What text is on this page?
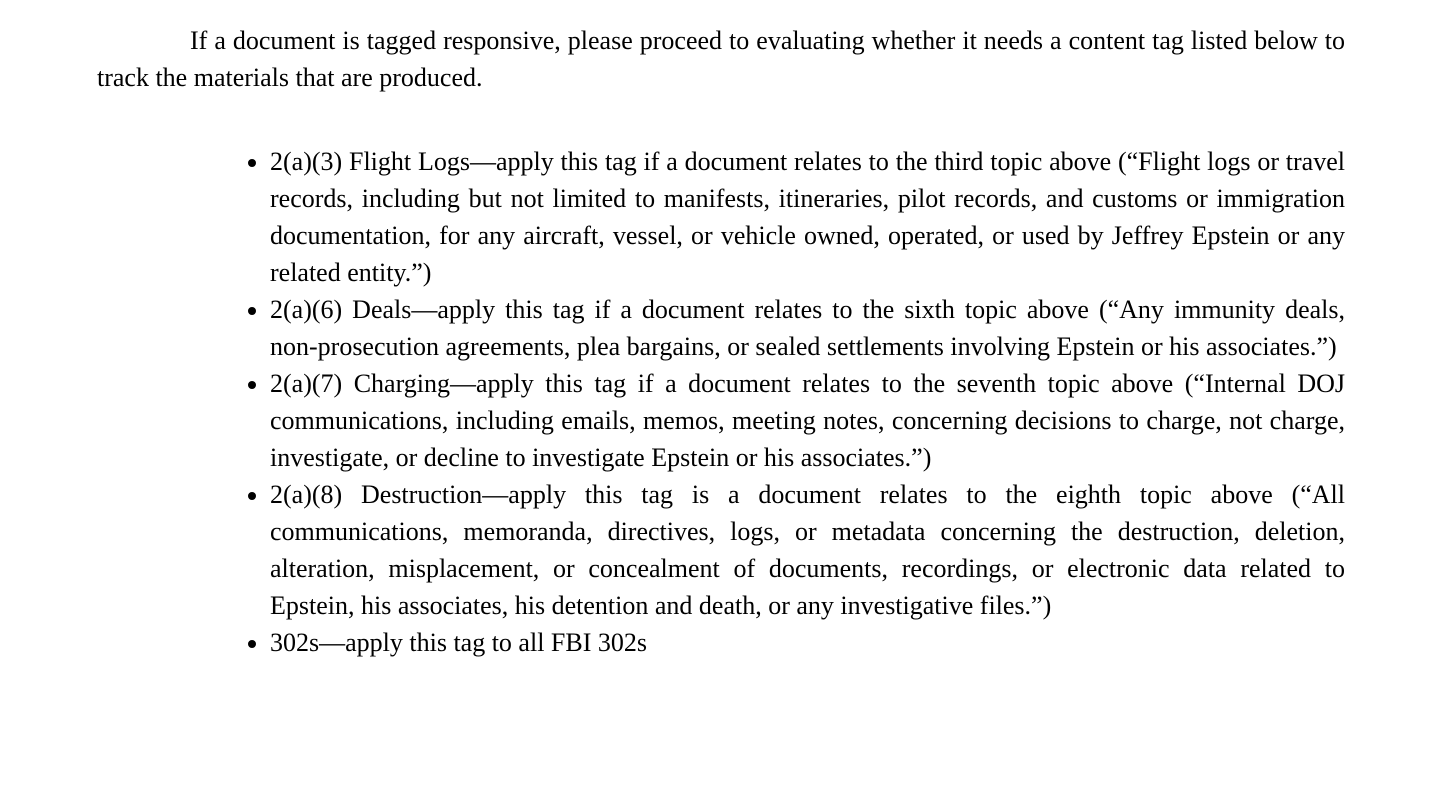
If a document is tagged responsive, please proceed to evaluating whether it needs a content tag listed below to track the materials that are produced.

• 2(a)(3) Flight Logs—apply this tag if a document relates to the third topic above (“Flight logs or travel records, including but not limited to manifests, itineraries, pilot records, and customs or immigration documentation, for any aircraft, vessel, or vehicle owned, operated, or used by Jeffrey Epstein or any related entity.”)
• 2(a)(6) Deals—apply this tag if a document relates to the sixth topic above (“Any immunity deals, non-prosecution agreements, plea bargains, or sealed settlements involving Epstein or his associates.”)
• 2(a)(7) Charging—apply this tag if a document relates to the seventh topic above (“Internal DOJ communications, including emails, memos, meeting notes, concerning decisions to charge, not charge, investigate, or decline to investigate Epstein or his associates.”)
• 2(a)(8) Destruction—apply this tag is a document relates to the eighth topic above (“All communications, memoranda, directives, logs, or metadata concerning the destruction, deletion, alteration, misplacement, or concealment of documents, recordings, or electronic data related to Epstein, his associates, his detention and death, or any investigative files.”)
• 302s—apply this tag to all FBI 302s
